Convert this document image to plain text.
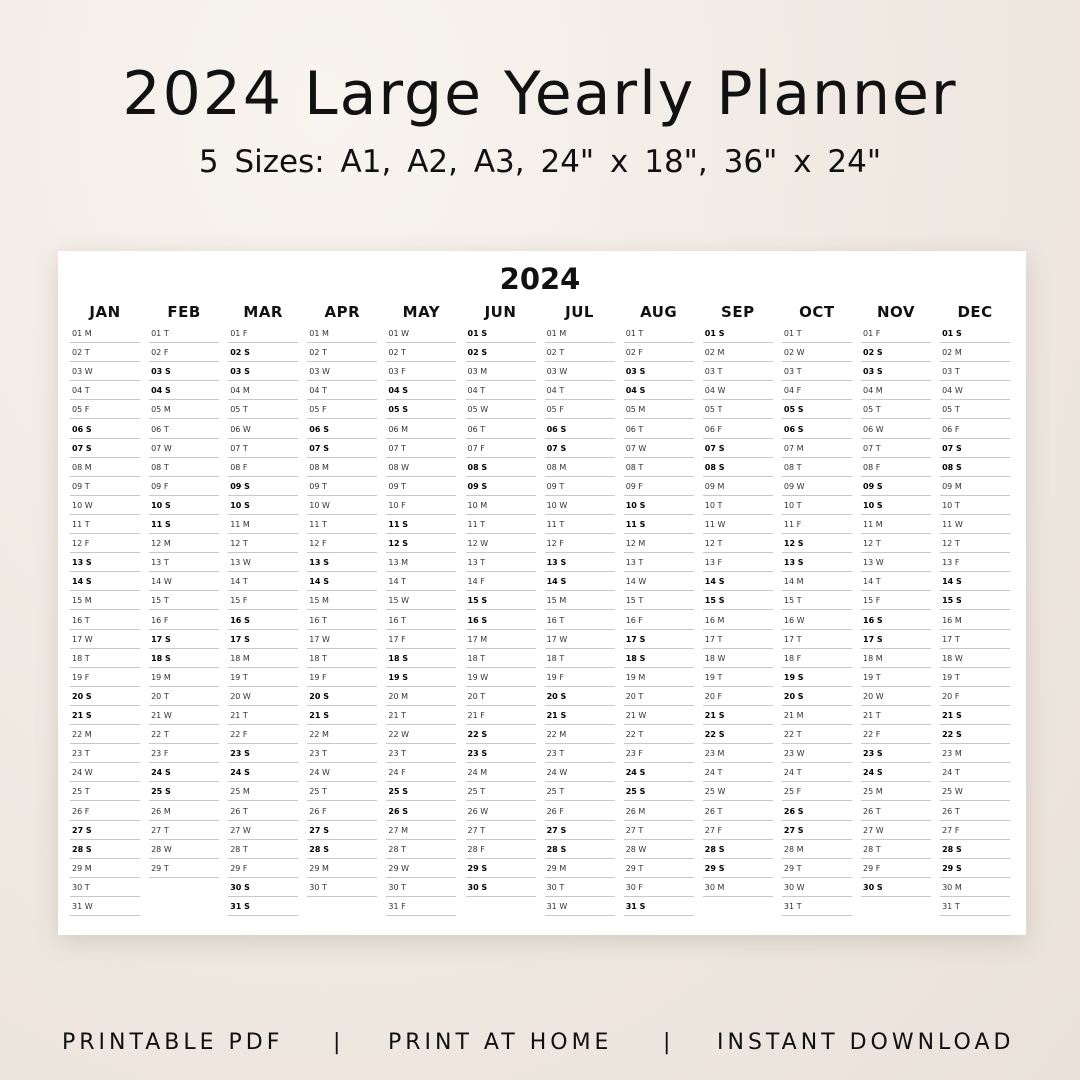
2024 Large Yearly Planner
5 Sizes: A1, A2, A3, 24" x 18", 36" x 24"
2024
JAN
01 M
02 T
03 W
04 T
05 F
06 S
07 S
08 M
09 T
10 W
11 T
12 F
13 S
14 S
15 M
16 T
17 W
18 T
19 F
20 S
21 S
22 M
23 T
24 W
25 T
26 F
27 S
28 S
29 M
30 T
31 W
FEB
01 T
02 F
03 S
04 S
05 M
06 T
07 W
08 T
09 F
10 S
11 S
12 M
13 T
14 W
15 T
16 F
17 S
18 S
19 M
20 T
21 W
22 T
23 F
24 S
25 S
26 M
27 T
28 W
29 T
MAR
01 F
02 S
03 S
04 M
05 T
06 W
07 T
08 F
09 S
10 S
11 M
12 T
13 W
14 T
15 F
16 S
17 S
18 M
19 T
20 W
21 T
22 F
23 S
24 S
25 M
26 T
27 W
28 T
29 F
30 S
31 S
APR
01 M
02 T
03 W
04 T
05 F
06 S
07 S
08 M
09 T
10 W
11 T
12 F
13 S
14 S
15 M
16 T
17 W
18 T
19 F
20 S
21 S
22 M
23 T
24 W
25 T
26 F
27 S
28 S
29 M
30 T
MAY
01 W
02 T
03 F
04 S
05 S
06 M
07 T
08 W
09 T
10 F
11 S
12 S
13 M
14 T
15 W
16 T
17 F
18 S
19 S
20 M
21 T
22 W
23 T
24 F
25 S
26 S
27 M
28 T
29 W
30 T
31 F
JUN
01 S
02 S
03 M
04 T
05 W
06 T
07 F
08 S
09 S
10 M
11 T
12 W
13 T
14 F
15 S
16 S
17 M
18 T
19 W
20 T
21 F
22 S
23 S
24 M
25 T
26 W
27 T
28 F
29 S
30 S
JUL
01 M
02 T
03 W
04 T
05 F
06 S
07 S
08 M
09 T
10 W
11 T
12 F
13 S
14 S
15 M
16 T
17 W
18 T
19 F
20 S
21 S
22 M
23 T
24 W
25 T
26 F
27 S
28 S
29 M
30 T
31 W
AUG
01 T
02 F
03 S
04 S
05 M
06 T
07 W
08 T
09 F
10 S
11 S
12 M
13 T
14 W
15 T
16 F
17 S
18 S
19 M
20 T
21 W
22 T
23 F
24 S
25 S
26 M
27 T
28 W
29 T
30 F
31 S
SEP
01 S
02 M
03 T
04 W
05 T
06 F
07 S
08 S
09 M
10 T
11 W
12 T
13 F
14 S
15 S
16 M
17 T
18 W
19 T
20 F
21 S
22 S
23 M
24 T
25 W
26 T
27 F
28 S
29 S
30 M
OCT
01 T
02 W
03 T
04 F
05 S
06 S
07 M
08 T
09 W
10 T
11 F
12 S
13 S
14 M
15 T
16 W
17 T
18 F
19 S
20 S
21 M
22 T
23 W
24 T
25 F
26 S
27 S
28 M
29 T
30 W
31 T
NOV
01 F
02 S
03 S
04 M
05 T
06 W
07 T
08 F
09 S
10 S
11 M
12 T
13 W
14 T
15 F
16 S
17 S
18 M
19 T
20 W
21 T
22 F
23 S
24 S
25 M
26 T
27 W
28 T
29 F
30 S
DEC
01 S
02 M
03 T
04 W
05 T
06 F
07 S
08 S
09 M
10 T
11 W
12 T
13 F
14 S
15 S
16 M
17 T
18 W
19 T
20 F
21 S
22 S
23 M
24 T
25 W
26 T
27 F
28 S
29 S
30 M
31 T
PRINTABLE PDF | PRINT AT HOME | INSTANT DOWNLOAD
